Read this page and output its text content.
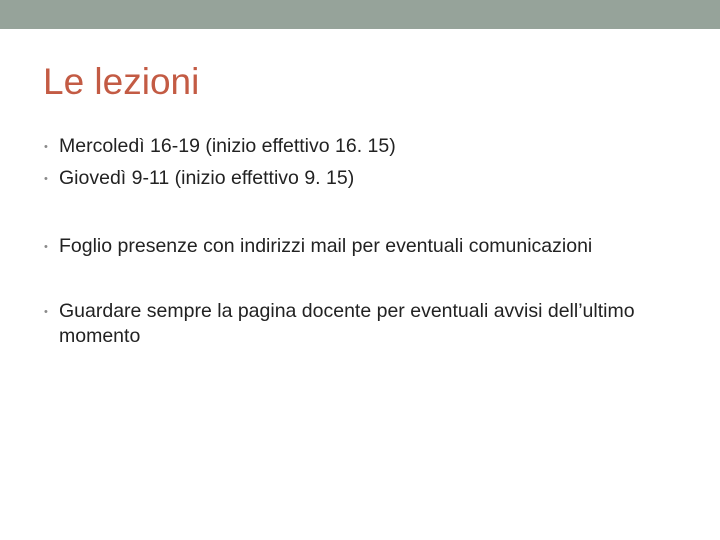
Le lezioni
• Mercoledì 16-19 (inizio effettivo 16. 15)
• Giovedì 9-11 (inizio effettivo 9. 15)
• Foglio presenze con indirizzi mail per eventuali comunicazioni
• Guardare sempre la pagina docente per eventuali avvisi dell’ultimo momento
